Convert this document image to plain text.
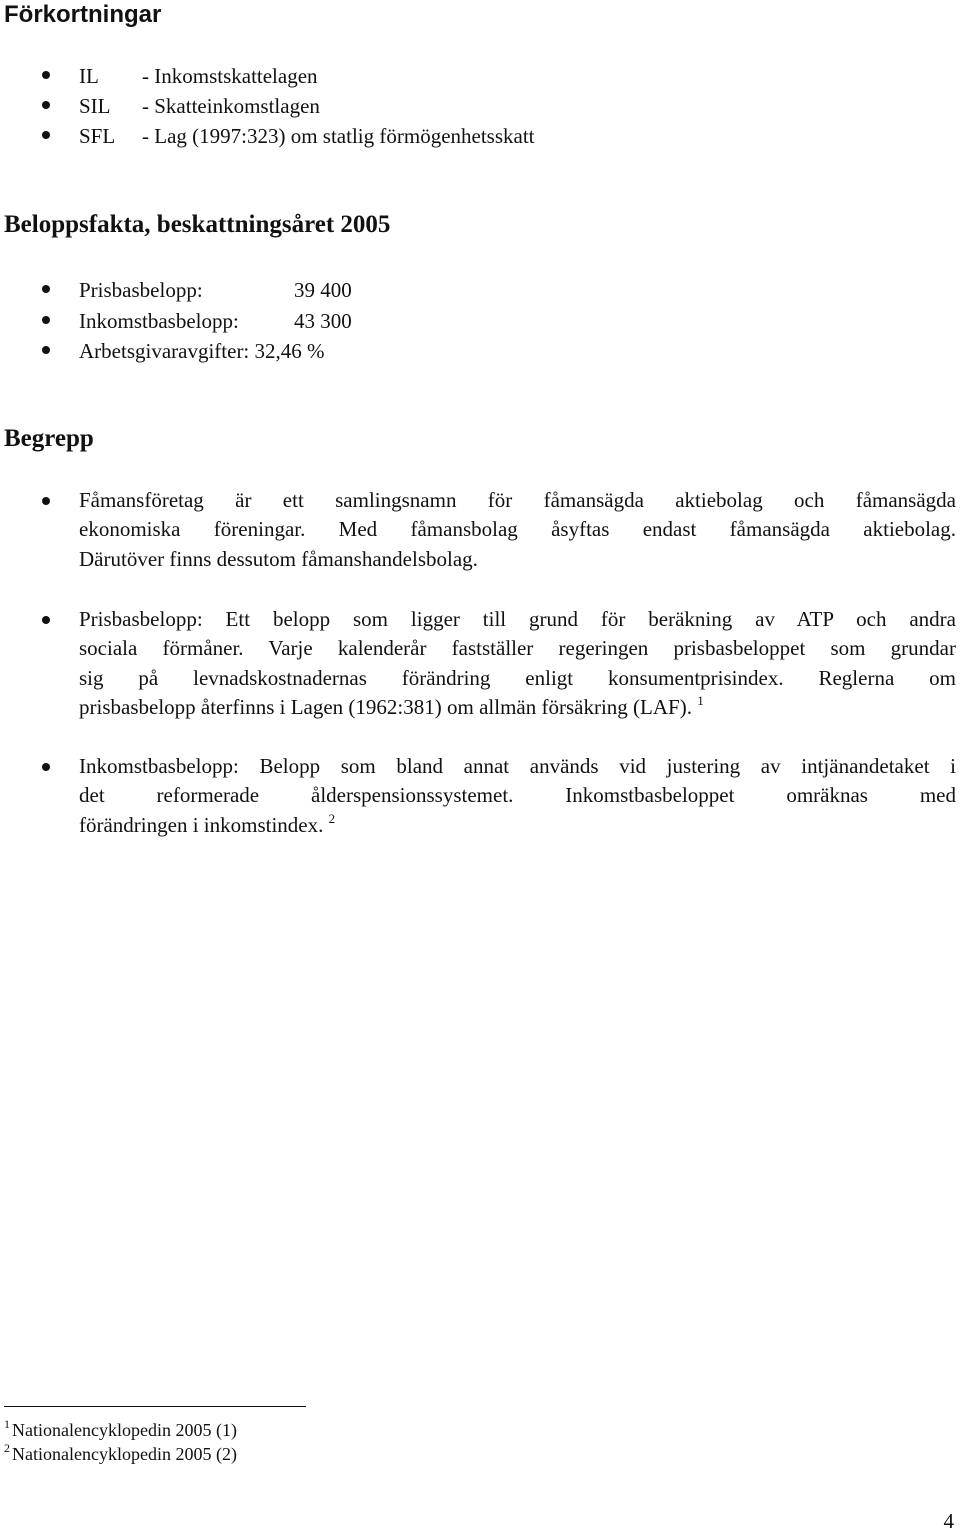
Förkortningar
IL - Inkomstskattelagen
SIL - Skatteinkomstlagen
SFL - Lag (1997:323) om statlig förmögenhetsskatt
Beloppsfakta, beskattningsåret 2005
Prisbasbelopp:	39 400
Inkomstbasbelopp:	43 300
Arbetsgivaravgifter: 32,46 %
Begrepp
Fåmansföretag är ett samlingsnamn för fåmansägda aktiebolag och fåmansägda
ekonomiska föreningar. Med fåmansbolag åsyftas endast fåmansägda aktiebolag.
Därutöver finns dessutom fåmanshandelsbolag.
Prisbasbelopp: Ett belopp som ligger till grund för beräkning av ATP och andra
sociala förmåner. Varje kalenderår fastställer regeringen prisbasbeloppet som grundar
sig på levnadskostnadernas förändring enligt konsumentprisindex. Reglerna om
prisbasbelopp återfinns i Lagen (1962:381) om allmän försäkring (LAF). $^1$
Inkomstbasbelopp: Belopp som bland annat används vid justering av intjänandetaket i
det reformerade ålderspensionssystemet. Inkomstbasbeloppet omräknas med
förändringen i inkomstindex. $^2$
$^1$ Nationalencyklopedin 2005 (1)
$^2$ Nationalencyklopedin 2005 (2)
4
